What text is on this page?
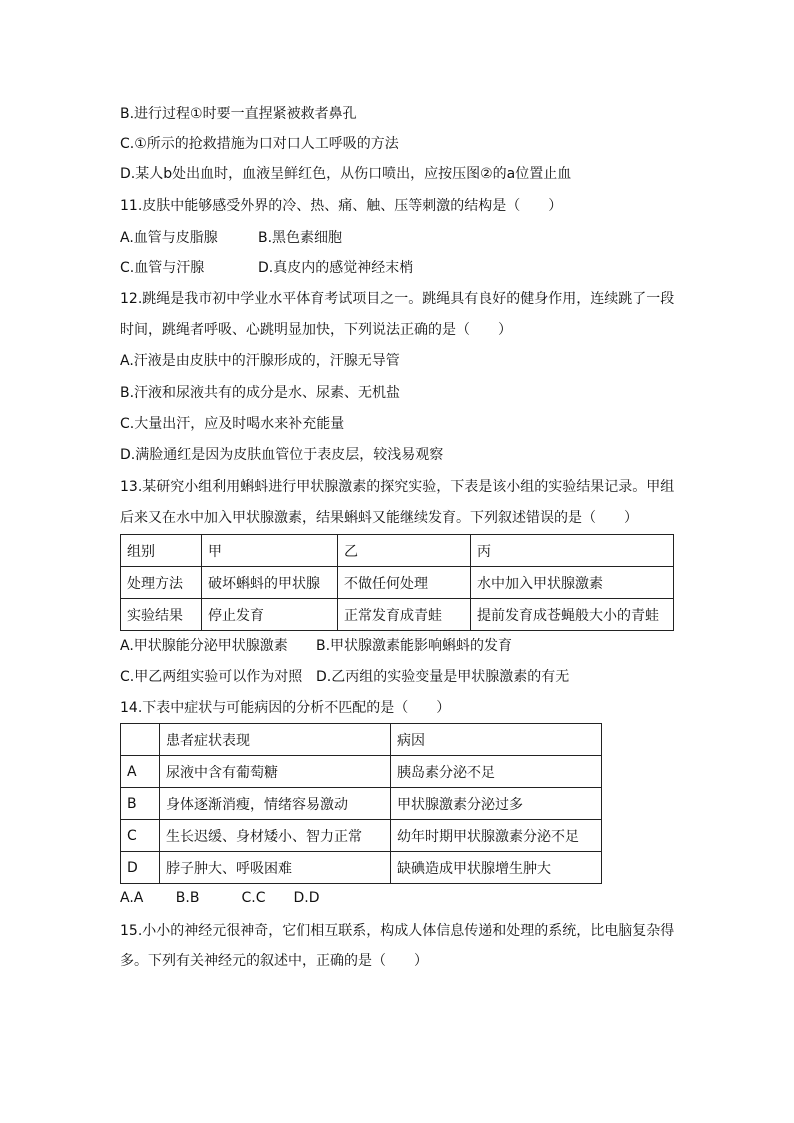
B.进行过程①时要一直捏紧被救者鼻孔
C.①所示的抢救措施为口对口人工呼吸的方法
D.某人b处出血时，血液呈鲜红色，从伤口喷出，应按压图②的a位置止血
11.皮肤中能够感受外界的冷、热、痛、触、压等刺激的结构是（　　）
A.血管与皮脂腺	B.黑色素细胞
C.血管与汗腺	D.真皮内的感觉神经末梢
12.跳绳是我市初中学业水平体育考试项目之一。跳绳具有良好的健身作用，连续跳了一段
时间，跳绳者呼吸、心跳明显加快，下列说法正确的是（　　）
A.汗液是由皮肤中的汗腺形成的，汗腺无导管
B.汗液和尿液共有的成分是水、尿素、无机盐
C.大量出汗，应及时喝水来补充能量
D.满脸通红是因为皮肤血管位于表皮层，较浅易观察
13.某研究小组利用蝌蚪进行甲状腺激素的探究实验，下表是该小组的实验结果记录。甲组
后来又在水中加入甲状腺激素，结果蝌蚪又能继续发育。下列叙述错误的是（　　）
组别	甲	乙	丙
处理方法	破坏蝌蚪的甲状腺	不做任何处理	水中加入甲状腺激素
实验结果	停止发育	正常发育成青蛙	提前发育成苍蝇般大小的青蛙
A.甲状腺能分泌甲状腺激素 B.甲状腺激素能影响蝌蚪的发育
C.甲乙两组实验可以作为对照 D.乙丙组的实验变量是甲状腺激素的有无
14.下表中症状与可能病因的分析不匹配的是（　　）
	患者症状表现	病因
A	尿液中含有葡萄糖	胰岛素分泌不足
B	身体逐渐消瘦，情绪容易激动	甲状腺激素分泌过多
C	生长迟缓、身材矮小、智力正常	幼年时期甲状腺激素分泌不足
D	脖子肿大、呼吸困难	缺碘造成甲状腺增生肿大
A.A　　 B.B　　　C.C　　D.D
15.小小的神经元很神奇，它们相互联系，构成人体信息传递和处理的系统，比电脑复杂得
多。下列有关神经元的叙述中，正确的是（　　）
